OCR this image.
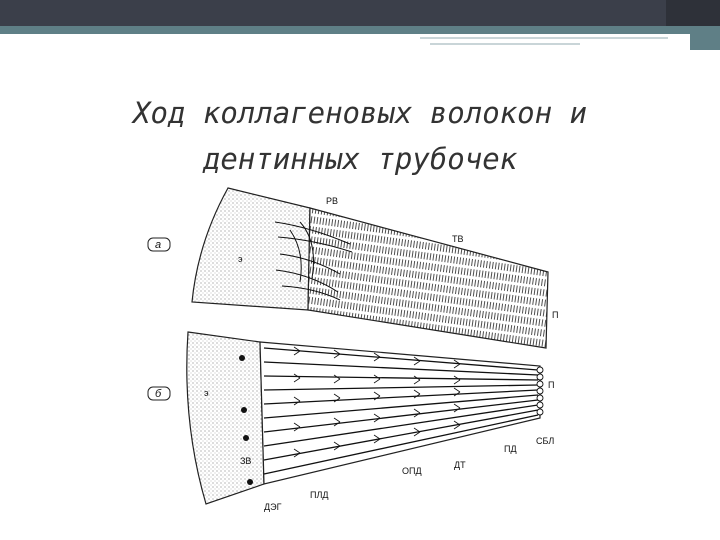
Ход коллагеновых волокон и
дентинных трубочек
а
э
РВ
ТВ
П
б	э
ЗВ
ДЭГ
ПЛД
ОПД
ДТ
ПД
П
СБЛ
